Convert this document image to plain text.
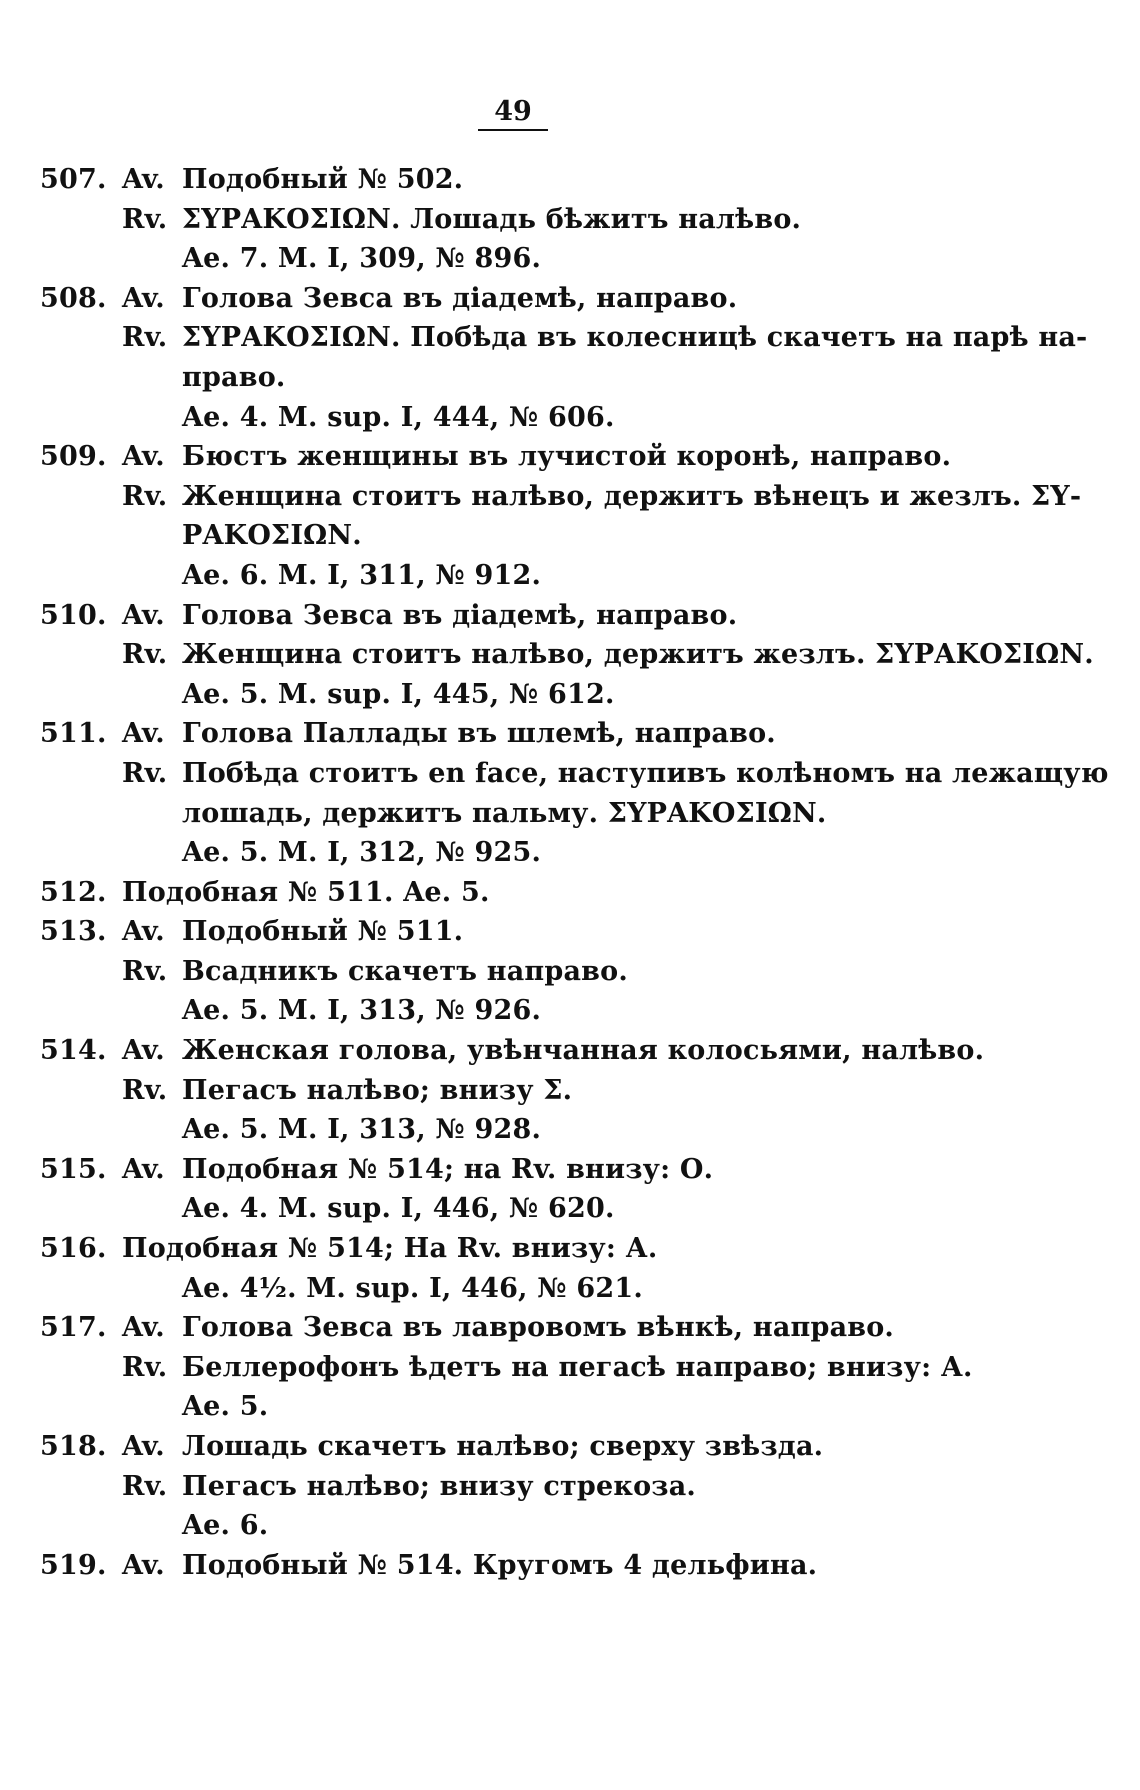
49
507. Av. Подобный № 502.
Rv. ΣΥΡΑΚΟΣΙΩΝ. Лошадь бѣжитъ налѣво.
Ae. 7. M. I, 309, № 896.
508. Av. Голова Зевса въ діадемѣ, направо.
Rv. ΣΥΡΑΚΟΣΙΩΝ. Побѣда въ колесницѣ скачетъ на парѣ на-
право.
Ae. 4. M. sup. I, 444, № 606.
509. Av. Бюстъ женщины въ лучистой коронѣ, направо.
Rv. Женщина стоитъ налѣво, держитъ вѣнецъ и жезлъ. ΣΥ-
ΡΑΚΟΣΙΩΝ.
Ae. 6. M. I, 311, № 912.
510. Av. Голова Зевса въ діадемѣ, направо.
Rv. Женщина стоитъ налѣво, держитъ жезлъ. ΣΥΡΑΚΟΣΙΩΝ.
Ae. 5. M. sup. I, 445, № 612.
511. Av. Голова Паллады въ шлемѣ, направо.
Rv. Побѣда стоитъ en face, наступивъ колѣномъ на лежащую
лошадь, держитъ пальму. ΣΥΡΑΚΟΣΙΩΝ.
Ae. 5. M. I, 312, № 925.
512. Подобная № 511. Ae. 5.
513. Av. Подобный № 511.
Rv. Всадникъ скачетъ направо.
Ae. 5. M. I, 313, № 926.
514. Av. Женская голова, увѣнчанная колосьями, налѣво.
Rv. Пегасъ налѣво; внизу Σ.
Ae. 5. M. I, 313, № 928.
515. Av. Подобная № 514; на Rv. внизу: О.
Ae. 4. M. sup. I, 446, № 620.
516. Подобная № 514; На Rv. внизу: А.
Ae. 4½. M. sup. I, 446, № 621.
517. Av. Голова Зевса въ лавровомъ вѣнкѣ, направо.
Rv. Беллерофонъ ѣдетъ на пегасѣ направо; внизу: А.
Ae. 5.
518. Av. Лошадь скачетъ налѣво; сверху звѣзда.
Rv. Пегасъ налѣво; внизу стрекоза.
Ae. 6.
519. Av. Подобный № 514. Кругомъ 4 дельфина.
